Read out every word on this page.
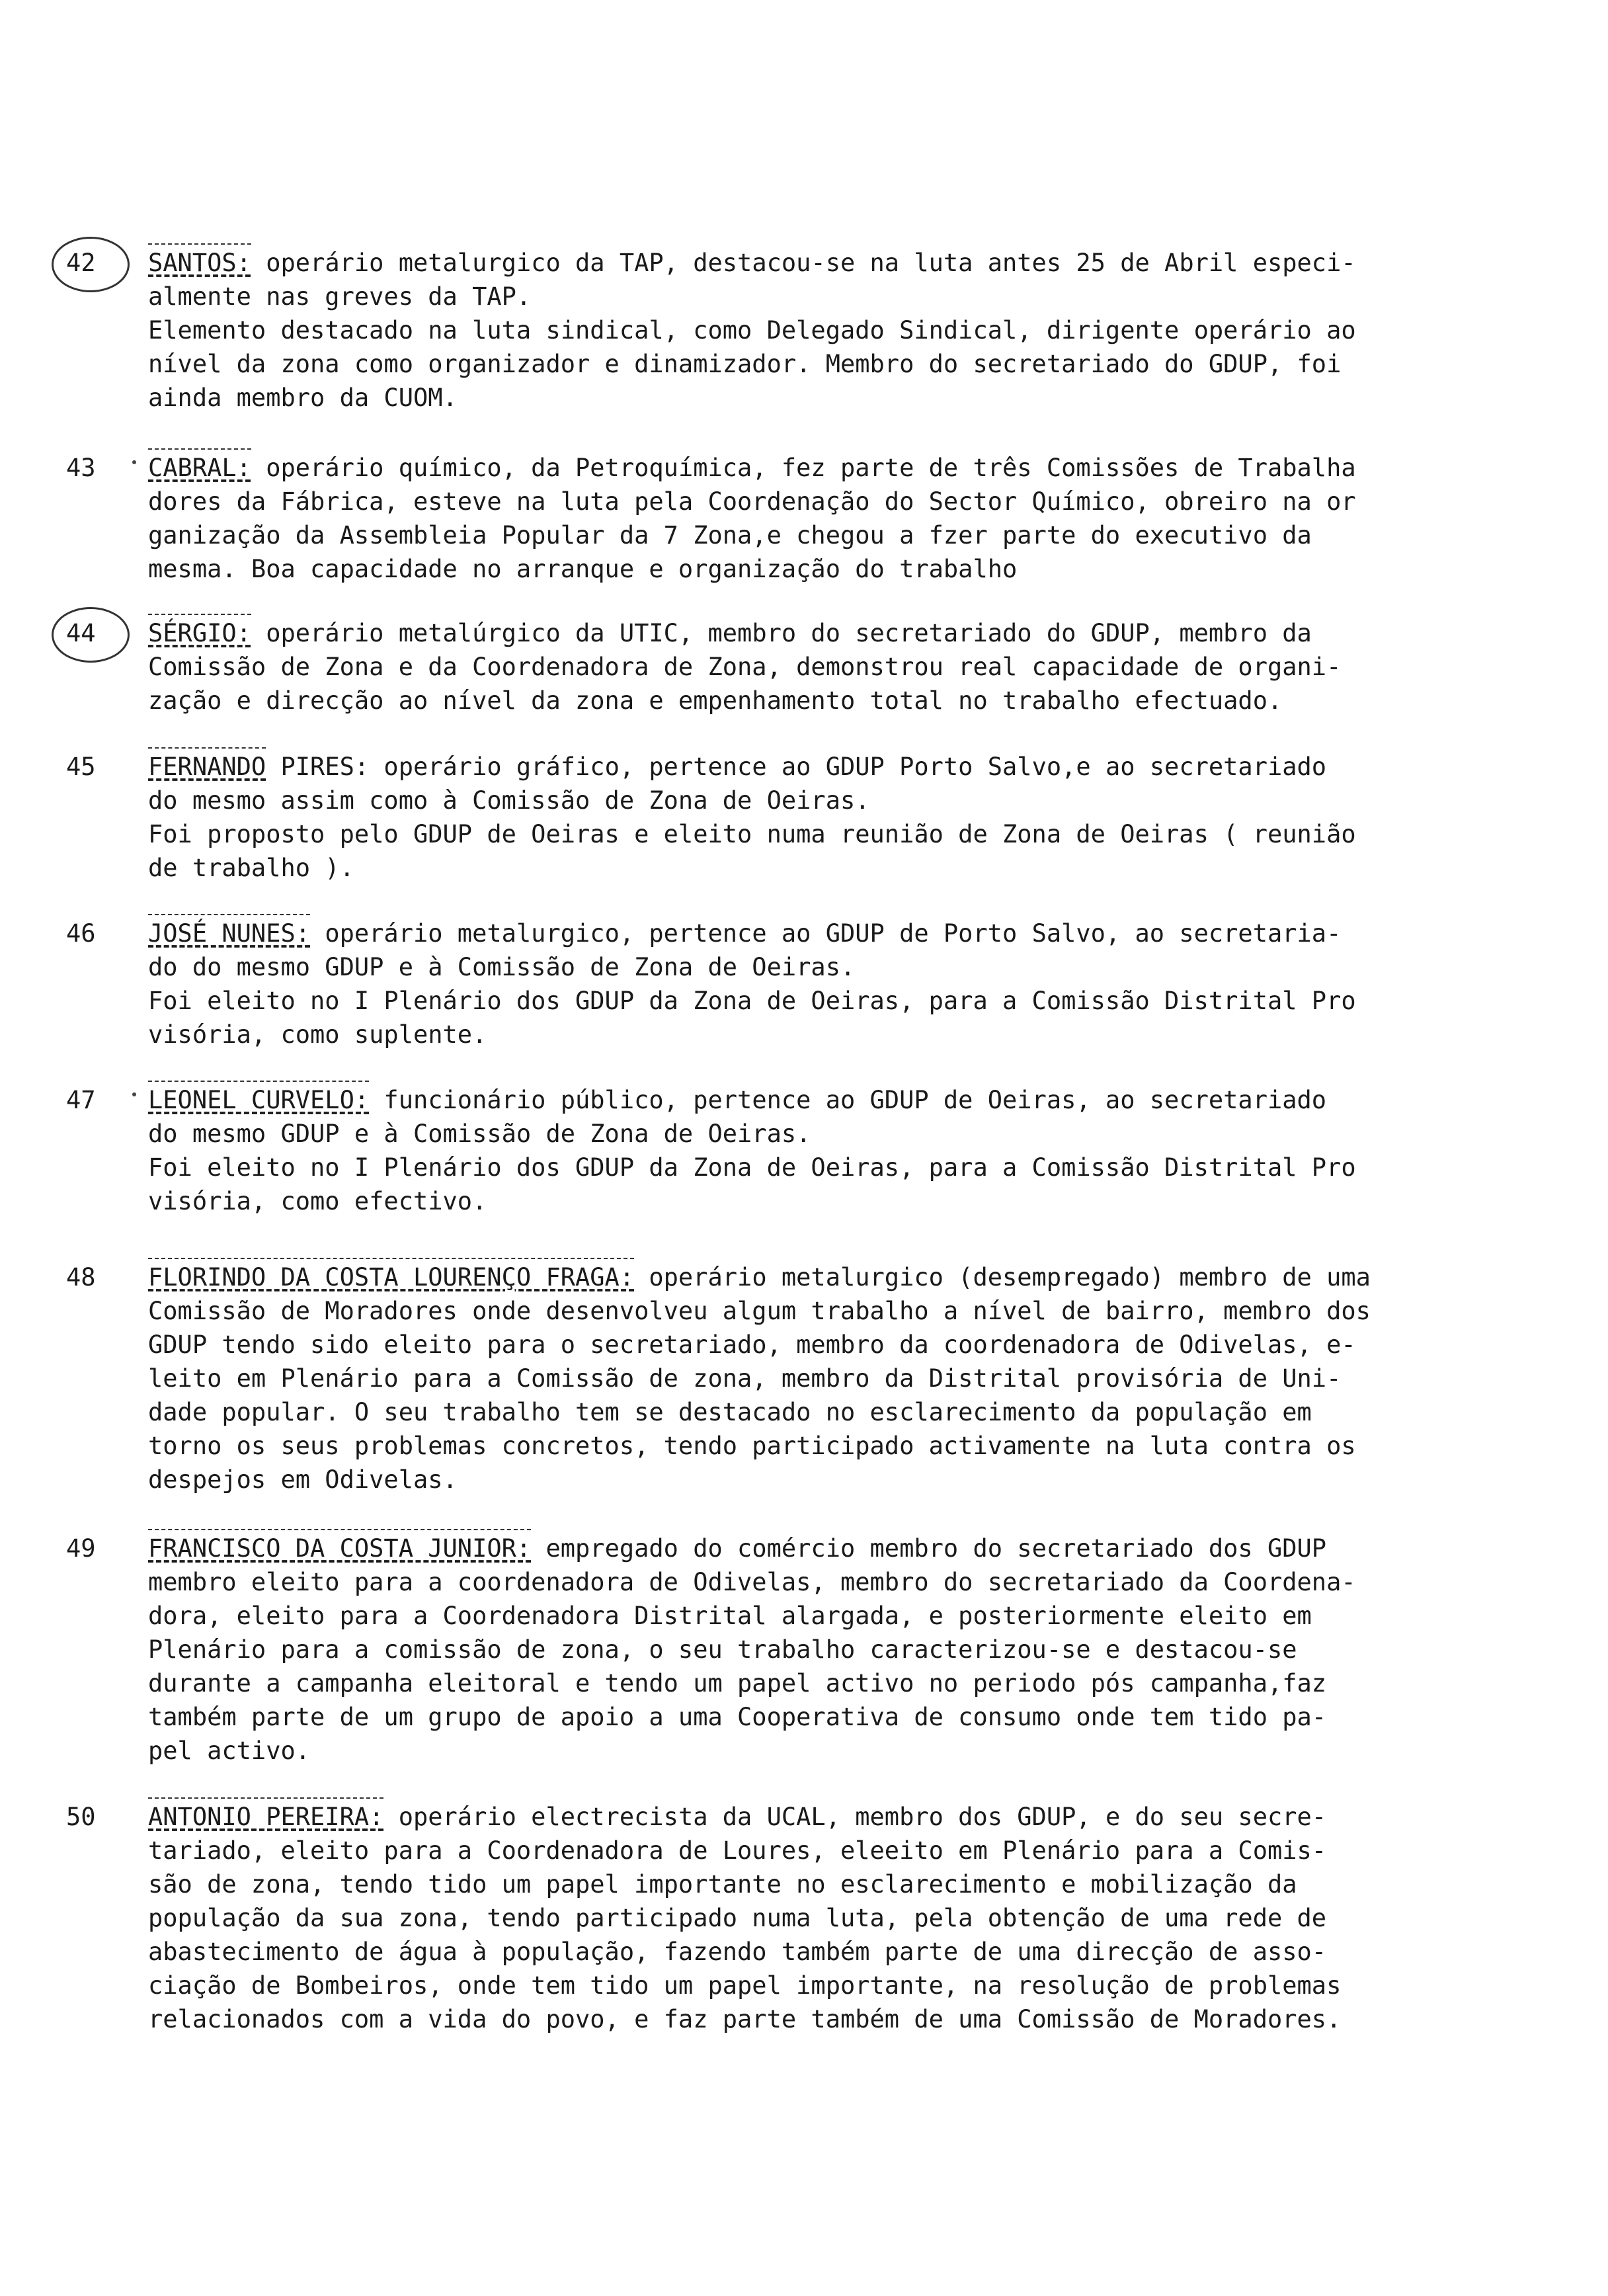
42	SANTOS: operário metalurgico da TAP, destacou-se na luta antes 25 de Abril especi-
almente nas greves da TAP.
Elemento destacado na luta sindical, como Delegado Sindical, dirigente operário ao
nível da zona como organizador e dinamizador. Membro do secretariado do GDUP, foi
ainda membro da CUOM.
43	CABRAL: operário químico, da Petroquímica, fez parte de três Comissões de Trabalha
dores da Fábrica, esteve na luta pela Coordenação do Sector Químico, obreiro na or
ganização da Assembleia Popular da 7 Zona,e chegou a fzer parte do executivo da
mesma. Boa capacidade no arranque e organização do trabalho
44	SÉRGIO: operário metalúrgico da UTIC, membro do secretariado do GDUP, membro da
Comissão de Zona e da Coordenadora de Zona, demonstrou real capacidade de organi-
zação e direcção ao nível da zona e empenhamento total no trabalho efectuado.
45	FERNANDO PIRES: operário gráfico, pertence ao GDUP Porto Salvo,e ao secretariado
do mesmo assim como à Comissão de Zona de Oeiras.
Foi proposto pelo GDUP de Oeiras e eleito numa reunião de Zona de Oeiras ( reunião
de trabalho ).
46	JOSÉ NUNES: operário metalurgico, pertence ao GDUP de Porto Salvo, ao secretaria-
do do mesmo GDUP e à Comissão de Zona de Oeiras.
Foi eleito no I Plenário dos GDUP da Zona de Oeiras, para a Comissão Distrital Pro
visória, como suplente.
47	LEONEL CURVELO: funcionário público, pertence ao GDUP de Oeiras, ao secretariado
do mesmo GDUP e à Comissão de Zona de Oeiras.
Foi eleito no I Plenário dos GDUP da Zona de Oeiras, para a Comissão Distrital Pro
visória, como efectivo.
48	FLORINDO DA COSTA LOURENÇO FRAGA: operário metalurgico (desempregado) membro de uma
Comissão de Moradores onde desenvolveu algum trabalho a nível de bairro, membro dos
GDUP tendo sido eleito para o secretariado, membro da coordenadora de Odivelas, e-
leito em Plenário para a Comissão de zona, membro da Distrital provisória de Uni-
dade popular. O seu trabalho tem se destacado no esclarecimento da população em
torno os seus problemas concretos, tendo participado activamente na luta contra os
despejos em Odivelas.
49	FRANCISCO DA COSTA JUNIOR: empregado do comércio membro do secretariado dos GDUP
membro eleito para a coordenadora de Odivelas, membro do secretariado da Coordena-
dora, eleito para a Coordenadora Distrital alargada, e posteriormente eleito em
Plenário para a comissão de zona, o seu trabalho caracterizou-se e destacou-se
durante a campanha eleitoral e tendo um papel activo no periodo pós campanha,faz
também parte de um grupo de apoio a uma Cooperativa de consumo onde tem tido pa-
pel activo.
50	ANTONIO PEREIRA: operário electrecista da UCAL, membro dos GDUP, e do seu secre-
tariado, eleito para a Coordenadora de Loures, eleeito em Plenário para a Comis-
são de zona, tendo tido um papel importante no esclarecimento e mobilização da
população da sua zona, tendo participado numa luta, pela obtenção de uma rede de
abastecimento de água à população, fazendo também parte de uma direcção de asso-
ciação de Bombeiros, onde tem tido um papel importante, na resolução de problemas
relacionados com a vida do povo, e faz parte também de uma Comissão de Moradores.
